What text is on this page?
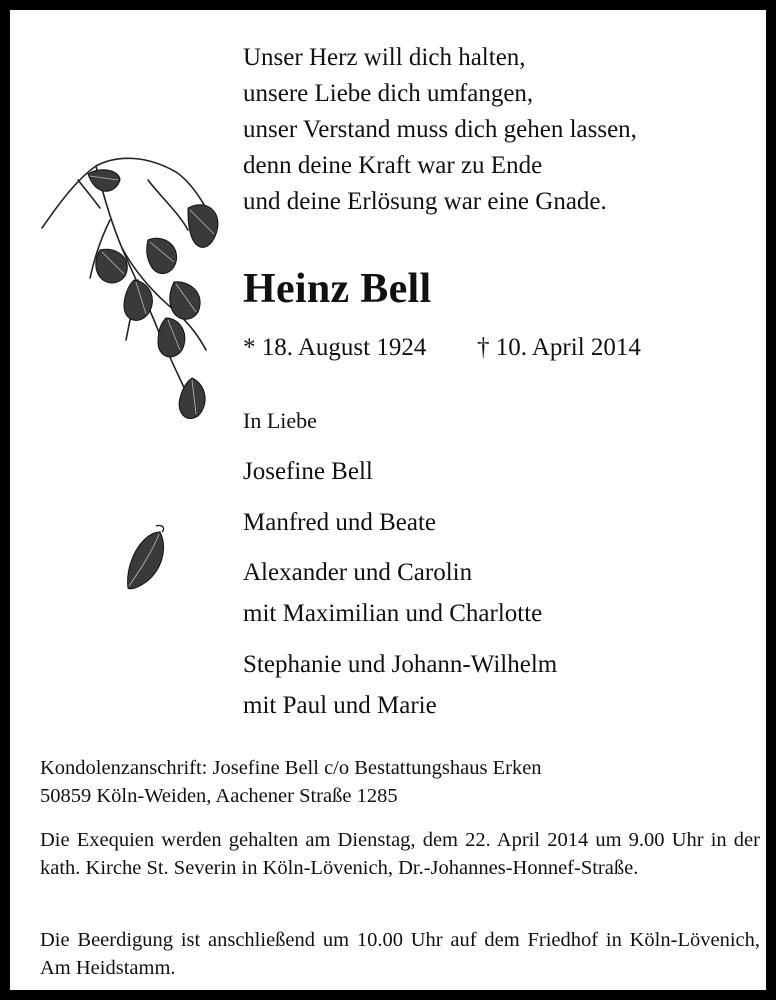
Unser Herz will dich halten,
unsere Liebe dich umfangen,
unser Verstand muss dich gehen lassen,
denn deine Kraft war zu Ende
und deine Erlösung war eine Gnade.
Heinz Bell
* 18. August 1924 † 10. April 2014
In Liebe
Josefine Bell
Manfred und Beate
Alexander und Carolin
mit Maximilian und Charlotte
Stephanie und Johann-Wilhelm
mit Paul und Marie
Kondolenzanschrift: Josefine Bell c/o Bestattungshaus Erken
50859 Köln-Weiden, Aachener Straße 1285
Die Exequien werden gehalten am Dienstag, dem 22. April 2014 um 9.00 Uhr in der kath. Kirche St. Severin in Köln-Lövenich, Dr.-Johannes-Honnef-Straße.
Die Beerdigung ist anschließend um 10.00 Uhr auf dem Friedhof in Köln-Lövenich, Am Heidstamm.
